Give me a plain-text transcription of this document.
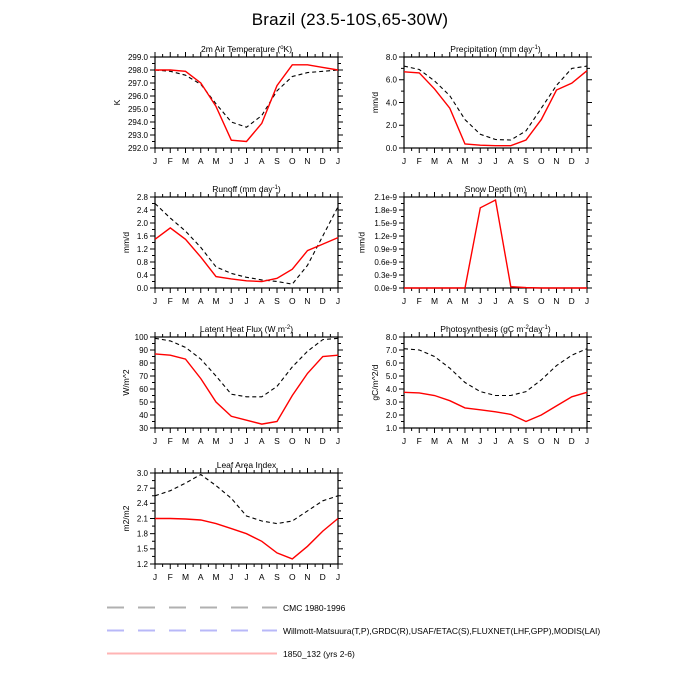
Brazil (23.5-10S,65-30W)
292.0
293.0
294.0
295.0
296.0
297.0
298.0
299.0
J F M A M J J A S O N D J
2m Air Temperature ($^o$K)
K
0.0
2.0
4.0
6.0
8.0
J F M A M J J A S O N D J
Precipitation (mm day$^{-1}$)
mm/d
0.0
0.4
0.8
1.2
1.6
2.0
2.4
2.8
J F M A M J J A S O N D J
Runoff (mm day$^{-1}$)
mm/d
0.0e-9
0.3e-9
0.6e-9
0.9e-9
1.2e-9
1.5e-9
1.8e-9
2.1e-9
J F M A M J J A S O N D J
Snow Depth (m)
mm/d
30
40
50
60
70
80
90
100
J F M A M J J A S O N D J
Latent Heat Flux (W $m^{-2}$)
W/m^2
1.0
2.0
3.0
4.0
5.0
6.0
7.0
8.0
J F M A M J J A S O N D J
Photosynthesis (gC $m^{-2}day^{-1}$)
gC/m^2/d
1.2
1.5
1.8
2.1
2.4
2.7
3.0
J F M A M J J A S O N D J
Leaf Area Index
m2/m2
CMC 1980-1996
Willmott-Matsuura(T,P),GRDC(R),USAF/ETAC(S),FLUXNET(LHF,GPP),MODIS(LAI)
1850_132 (yrs 2-6)
